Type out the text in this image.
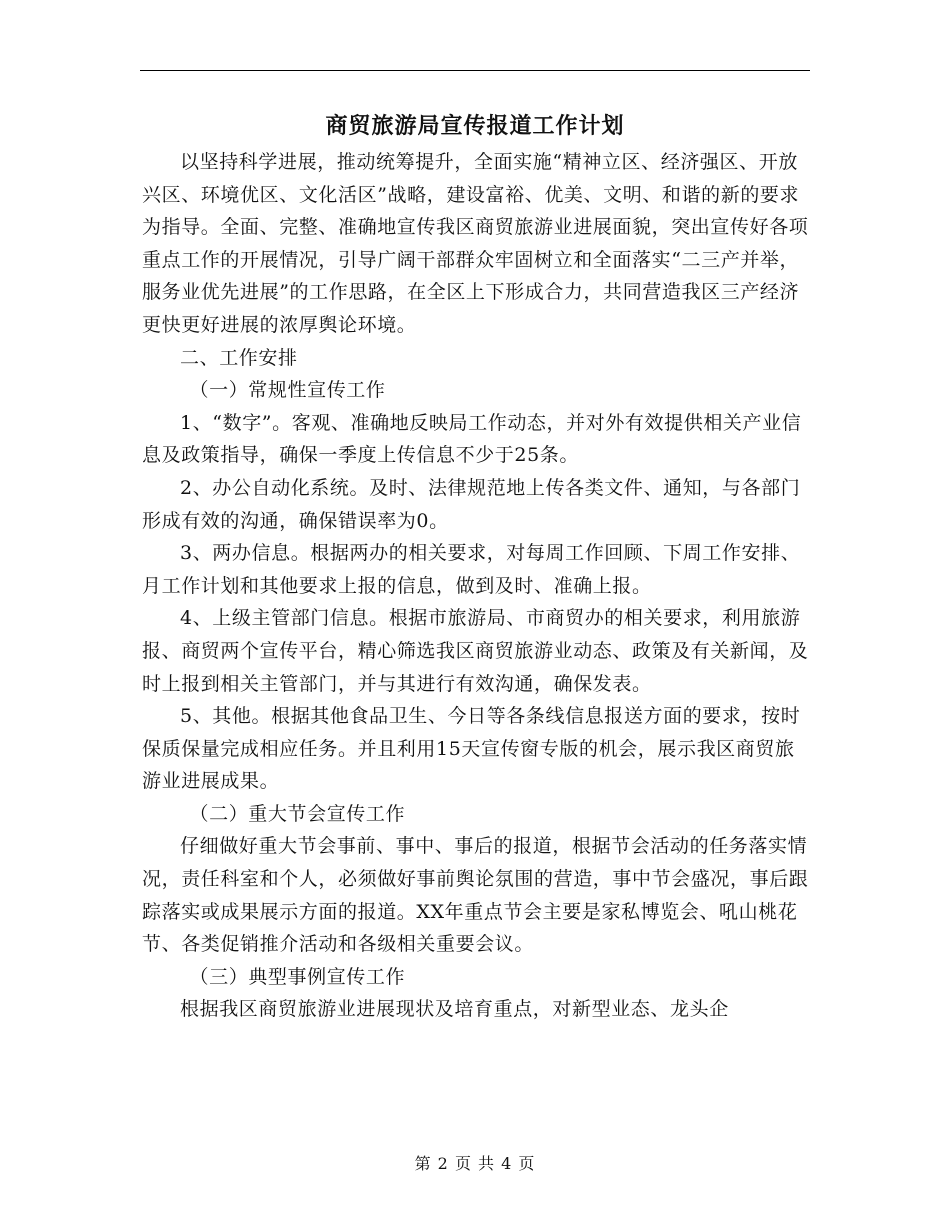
商贸旅游局宣传报道工作计划

以坚持科学进展，推动统筹提升，全面实施“精神立区、经济强区、开放兴区、环境优区、文化活区”战略，建设富裕、优美、文明、和谐的新的要求为指导。全面、完整、准确地宣传我区商贸旅游业进展面貌，突出宣传好各项重点工作的开展情况，引导广阔干部群众牢固树立和全面落实“二三产并举，服务业优先进展”的工作思路，在全区上下形成合力，共同营造我区三产经济更快更好进展的浓厚舆论环境。

二、工作安排

（一）常规性宣传工作

1、“数字”。客观、准确地反映局工作动态，并对外有效提供相关产业信息及政策指导，确保一季度上传信息不少于25条。

2、办公自动化系统。及时、法律规范地上传各类文件、通知，与各部门形成有效的沟通，确保错误率为0。

3、两办信息。根据两办的相关要求，对每周工作回顾、下周工作安排、月工作计划和其他要求上报的信息，做到及时、准确上报。

4、上级主管部门信息。根据市旅游局、市商贸办的相关要求，利用旅游报、商贸两个宣传平台，精心筛选我区商贸旅游业动态、政策及有关新闻，及时上报到相关主管部门，并与其进行有效沟通，确保发表。

5、其他。根据其他食品卫生、今日等各条线信息报送方面的要求，按时保质保量完成相应任务。并且利用15天宣传窗专版的机会，展示我区商贸旅游业进展成果。

（二）重大节会宣传工作

仔细做好重大节会事前、事中、事后的报道，根据节会活动的任务落实情况，责任科室和个人，必须做好事前舆论氛围的营造，事中节会盛况，事后跟踪落实或成果展示方面的报道。XX年重点节会主要是家私博览会、吼山桃花节、各类促销推介活动和各级相关重要会议。

（三）典型事例宣传工作

根据我区商贸旅游业进展现状及培育重点，对新型业态、龙头企

第 2 页 共 4 页
